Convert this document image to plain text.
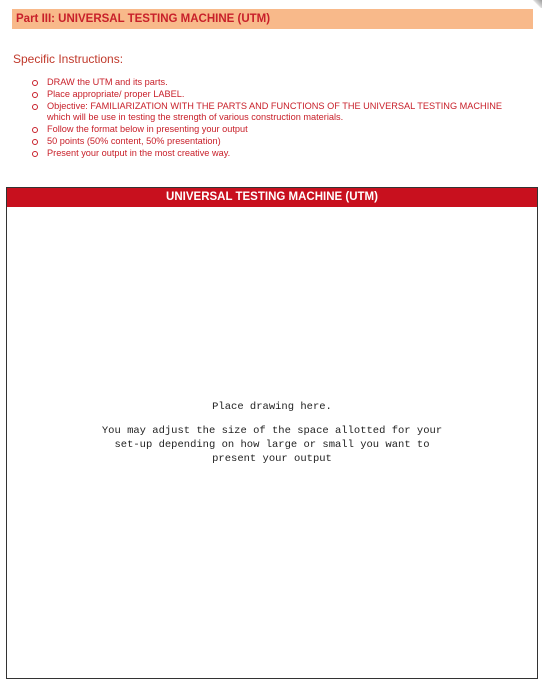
Part III: UNIVERSAL TESTING MACHINE (UTM)
Specific Instructions:
DRAW the UTM and its parts.
Place appropriate/ proper LABEL.
Objective: FAMILIARIZATION WITH THE PARTS AND FUNCTIONS OF THE UNIVERSAL TESTING MACHINE which will be use in testing the strength of various construction materials.
Follow the format below in presenting your output
50 points (50% content, 50% presentation)
Present your output in the most creative way.
UNIVERSAL TESTING MACHINE (UTM)
Place drawing here.
You may adjust the size of the space allotted for your
set-up depending on how large or small you want to
present your output
